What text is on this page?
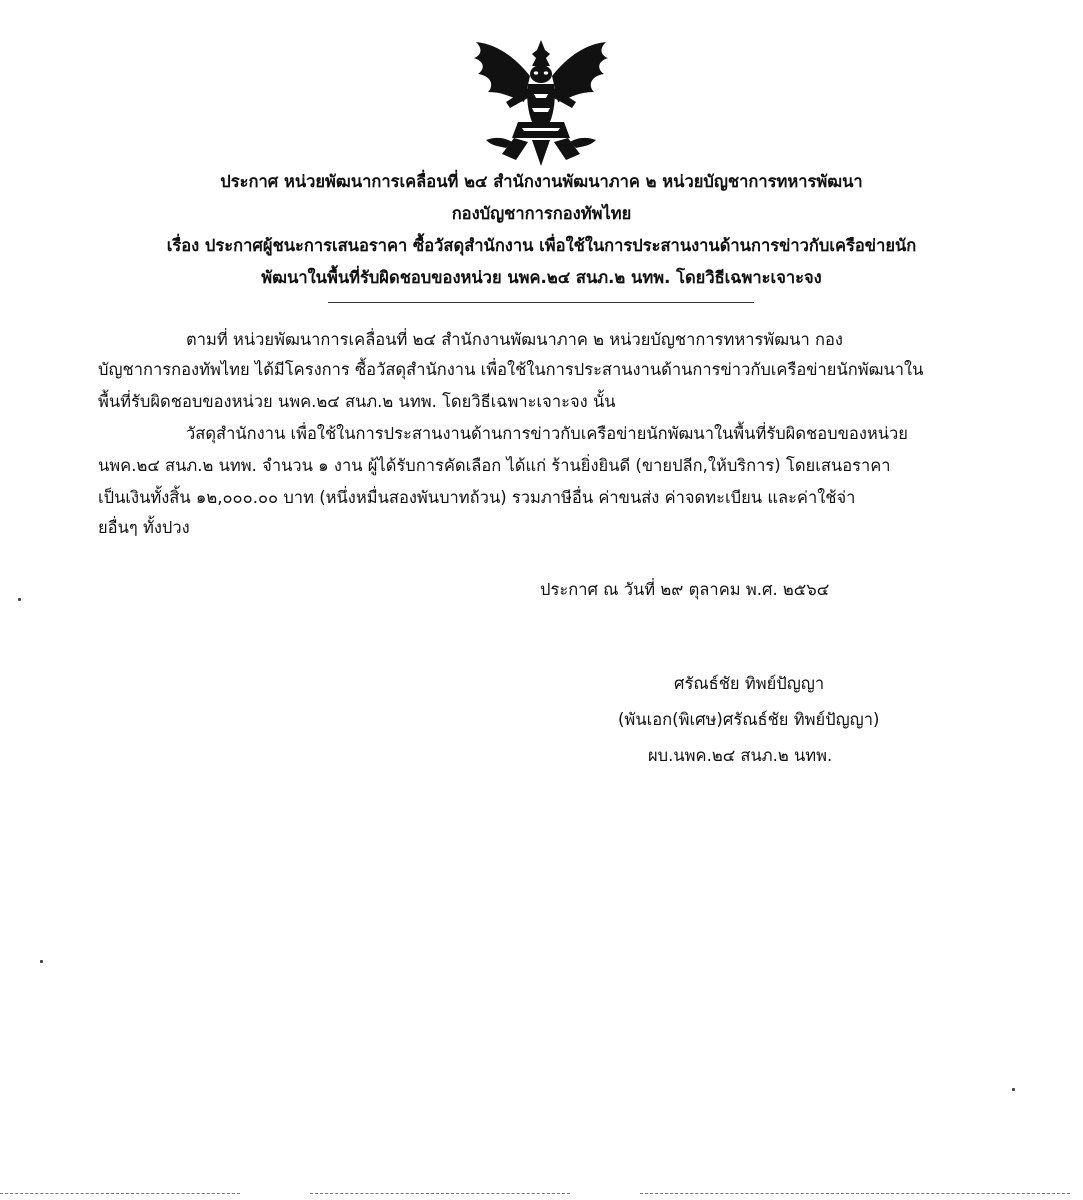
ประกาศ หน่วยพัฒนาการเคลื่อนที่ ๒๔ สำนักงานพัฒนาภาค ๒ หน่วยบัญชาการทหารพัฒนา
กองบัญชาการกองทัพไทย
เรื่อง ประกาศผู้ชนะการเสนอราคา ซื้อวัสดุสำนักงาน เพื่อใช้ในการประสานงานด้านการข่าวกับเครือข่ายนัก
พัฒนาในพื้นที่รับผิดชอบของหน่วย นพค.๒๔ สนภ.๒ นทพ. โดยวิธีเฉพาะเจาะจง
ตามที่ หน่วยพัฒนาการเคลื่อนที่ ๒๔ สำนักงานพัฒนาภาค ๒ หน่วยบัญชาการทหารพัฒนา กอง
บัญชาการกองทัพไทย ได้มีโครงการ ซื้อวัสดุสำนักงาน เพื่อใช้ในการประสานงานด้านการข่าวกับเครือข่ายนักพัฒนาใน
พื้นที่รับผิดชอบของหน่วย นพค.๒๔ สนภ.๒ นทพ. โดยวิธีเฉพาะเจาะจง นั้น
วัสดุสำนักงาน เพื่อใช้ในการประสานงานด้านการข่าวกับเครือข่ายนักพัฒนาในพื้นที่รับผิดชอบของหน่วย
นพค.๒๔ สนภ.๒ นทพ. จำนวน ๑ งาน ผู้ได้รับการคัดเลือก ได้แก่ ร้านยิ่งยินดี (ขายปลีก,ให้บริการ) โดยเสนอราคา
เป็นเงินทั้งสิ้น ๑๒,๐๐๐.๐๐ บาท (หนึ่งหมื่นสองพันบาทถ้วน) รวมภาษีอื่น ค่าขนส่ง ค่าจดทะเบียน และค่าใช้จ่า
ยอื่นๆ ทั้งปวง
ประกาศ ณ วันที่ ๒๙ ตุลาคม พ.ศ. ๒๕๖๔
ศรัณธ์ชัย ทิพย์ปัญญา
(พันเอก(พิเศษ)ศรัณธ์ชัย ทิพย์ปัญญา)
ผบ.นพค.๒๔ สนภ.๒ นทพ.
